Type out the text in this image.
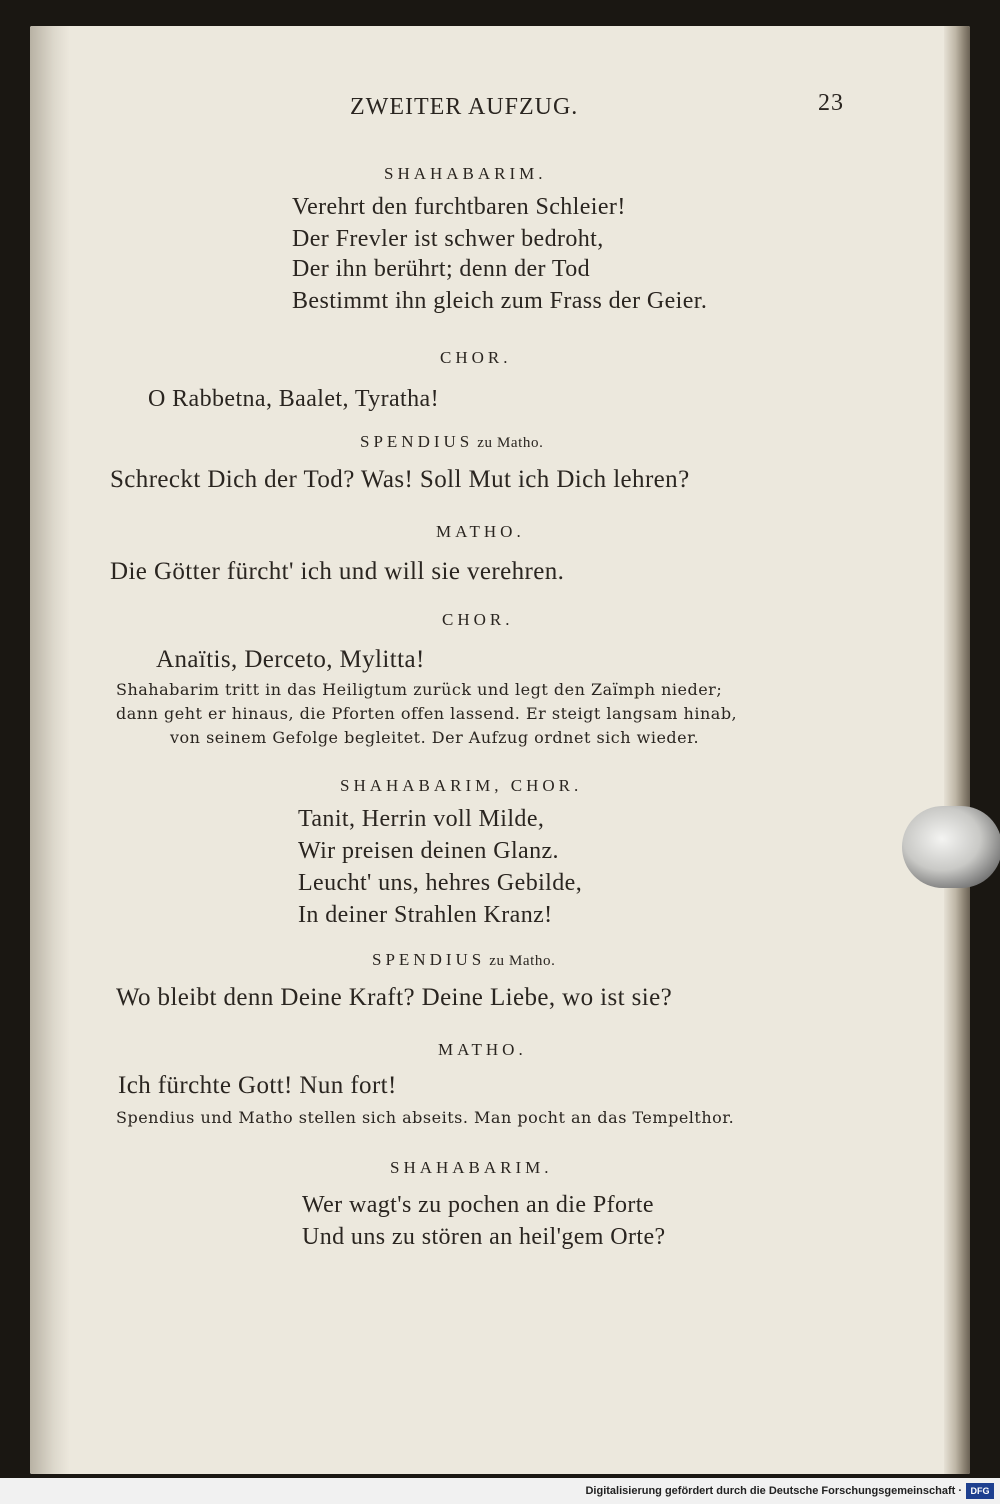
ZWEITER AUFZUG.	23
SHAHABARIM.
Verehrt den furchtbaren Schleier!
Der Frevler ist schwer bedroht,
Der ihn berührt; denn der Tod
Bestimmt ihn gleich zum Frass der Geier.
CHOR.
O Rabbetna, Baalet, Tyratha!
SPENDIUS zu Matho.
Schreckt Dich der Tod? Was! Soll Mut ich Dich lehren?
MATHO.
Die Götter fürcht' ich und will sie verehren.
CHOR.
Anaïtis, Derceto, Mylitta!
Shahabarim tritt in das Heiligtum zurück und legt den Zaïmph nieder;
dann geht er hinaus, die Pforten offen lassend. Er steigt langsam hinab,
von seinem Gefolge begleitet. Der Aufzug ordnet sich wieder.
SHAHABARIM, CHOR.
Tanit, Herrin voll Milde,
Wir preisen deinen Glanz.
Leucht' uns, hehres Gebilde,
In deiner Strahlen Kranz!
SPENDIUS zu Matho.
Wo bleibt denn Deine Kraft? Deine Liebe, wo ist sie?
MATHO.
Ich fürchte Gott! Nun fort!
Spendius und Matho stellen sich abseits. Man pocht an das Tempelthor.
SHAHABARIM.
Wer wagt's zu pochen an die Pforte
Und uns zu stören an heil'gem Orte?
Digitalisierung gefördert durch die Deutsche Forschungsgemeinschaft · DFG
